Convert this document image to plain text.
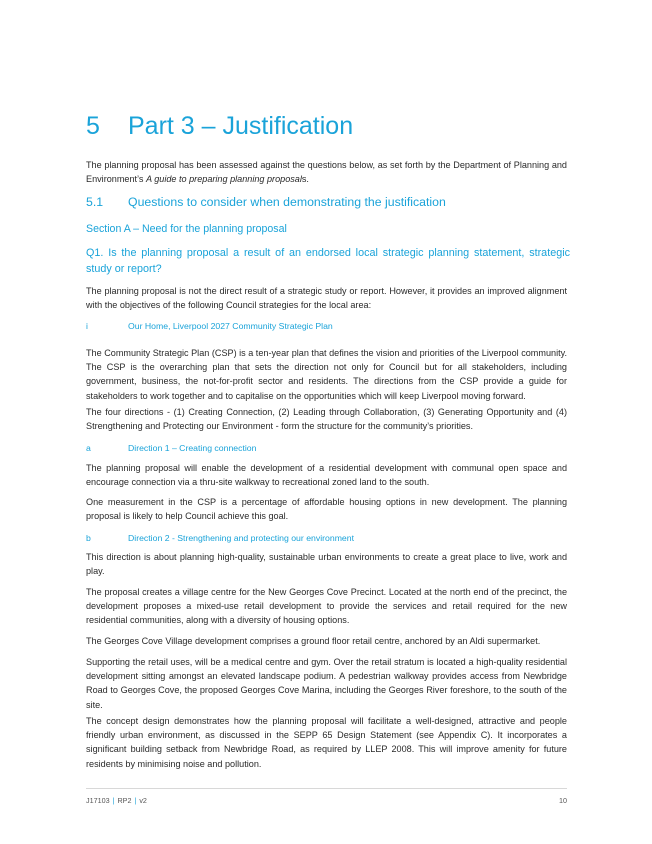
5 Part 3 – Justification

The planning proposal has been assessed against the questions below, as set forth by the Department of Planning and Environment’s A guide to preparing planning proposals.

5.1 Questions to consider when demonstrating the justification
Section A – Need for the planning proposal

Q1. Is the planning proposal a result of an endorsed local strategic planning statement, strategic study or report?

The planning proposal is not the direct result of a strategic study or report. However, it provides an improved alignment with the objectives of the following Council strategies for the local area:

i	Our Home, Liverpool 2027 Community Strategic Plan

The Community Strategic Plan (CSP) is a ten-year plan that defines the vision and priorities of the Liverpool community. The CSP is the overarching plan that sets the direction not only for Council but for all stakeholders, including government, business, the not-for-profit sector and residents. The directions from the CSP provide a guide for stakeholders to work together and to capitalise on the opportunities which will keep Liverpool moving forward.

The four directions - (1) Creating Connection, (2) Leading through Collaboration, (3) Generating Opportunity and (4) Strengthening and Protecting our Environment - form the structure for the community’s priorities.

a	Direction 1 – Creating connection

The planning proposal will enable the development of a residential development with communal open space and encourage connection via a thru-site walkway to recreational zoned land to the south.

One measurement in the CSP is a percentage of affordable housing options in new development. The planning proposal is likely to help Council achieve this goal.

b	Direction 2 - Strengthening and protecting our environment

This direction is about planning high-quality, sustainable urban environments to create a great place to live, work and play.

The proposal creates a village centre for the New Georges Cove Precinct. Located at the north end of the precinct, the development proposes a mixed-use retail development to provide the services and retail required for the new residential communities, along with a diversity of housing options.

The Georges Cove Village development comprises a ground floor retail centre, anchored by an Aldi supermarket.

Supporting the retail uses, will be a medical centre and gym. Over the retail stratum is located a high-quality residential development sitting amongst an elevated landscape podium. A pedestrian walkway provides access from Newbridge Road to Georges Cove, the proposed Georges Cove Marina, including the Georges River foreshore, to the south of the site.

The concept design demonstrates how the planning proposal will facilitate a well-designed, attractive and people friendly urban environment, as discussed in the SEPP 65 Design Statement (see Appendix C). It incorporates a significant building setback from Newbridge Road, as required by LLEP 2008. This will improve amenity for future residents by minimising noise and pollution.

J17103 | RP2 | v2	10
